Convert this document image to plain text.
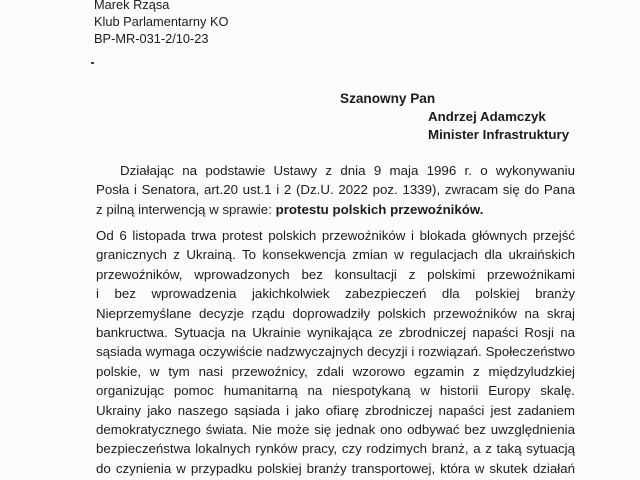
Marek Rząsa
Klub Parlamentarny KO
BP-MR-031-2/10-23
Szanowny Pan
Andrzej Adamczyk
Minister Infrastruktury
Działając na podstawie Ustawy z dnia 9 maja 1996 r. o wykonywaniu
Posła i Senatora, art.20 ust.1 i 2 (Dz.U. 2022 poz. 1339), zwracam się do Pana
z pilną interwencją w sprawie: protestu polskich przewoźników.
Od 6 listopada trwa protest polskich przewoźników i blokada głównych przejść
granicznych z Ukrainą. To konsekwencja zmian w regulacjach dla ukraińskich
przewoźników, wprowadzonych bez konsultacji z polskimi przewoźnikami
i bez wprowadzenia jakichkolwiek zabezpieczeń dla polskiej branży
Nieprzemyślane decyzje rządu doprowadziły polskich przewoźników na skraj
bankructwa. Sytuacja na Ukrainie wynikająca ze zbrodniczej napaści Rosji na
sąsiada wymaga oczywiście nadzwyczajnych decyzji i rozwiązań. Społeczeństwo
polskie, w tym nasi przewoźnicy, zdali wzorowo egzamin z międzyludzkiej
organizując pomoc humanitarną na niespotykaną w historii Europy skalę.
Ukrainy jako naszego sąsiada i jako ofiarę zbrodniczej napaści jest zadaniem
demokratycznego świata. Nie może się jednak ono odbywać bez uwzględnienia
bezpieczeństwa lokalnych rynków pracy, czy rodzimych branż, a z taką sytuacją
do czynienia w przypadku polskiej branży transportowej, która w skutek działań
